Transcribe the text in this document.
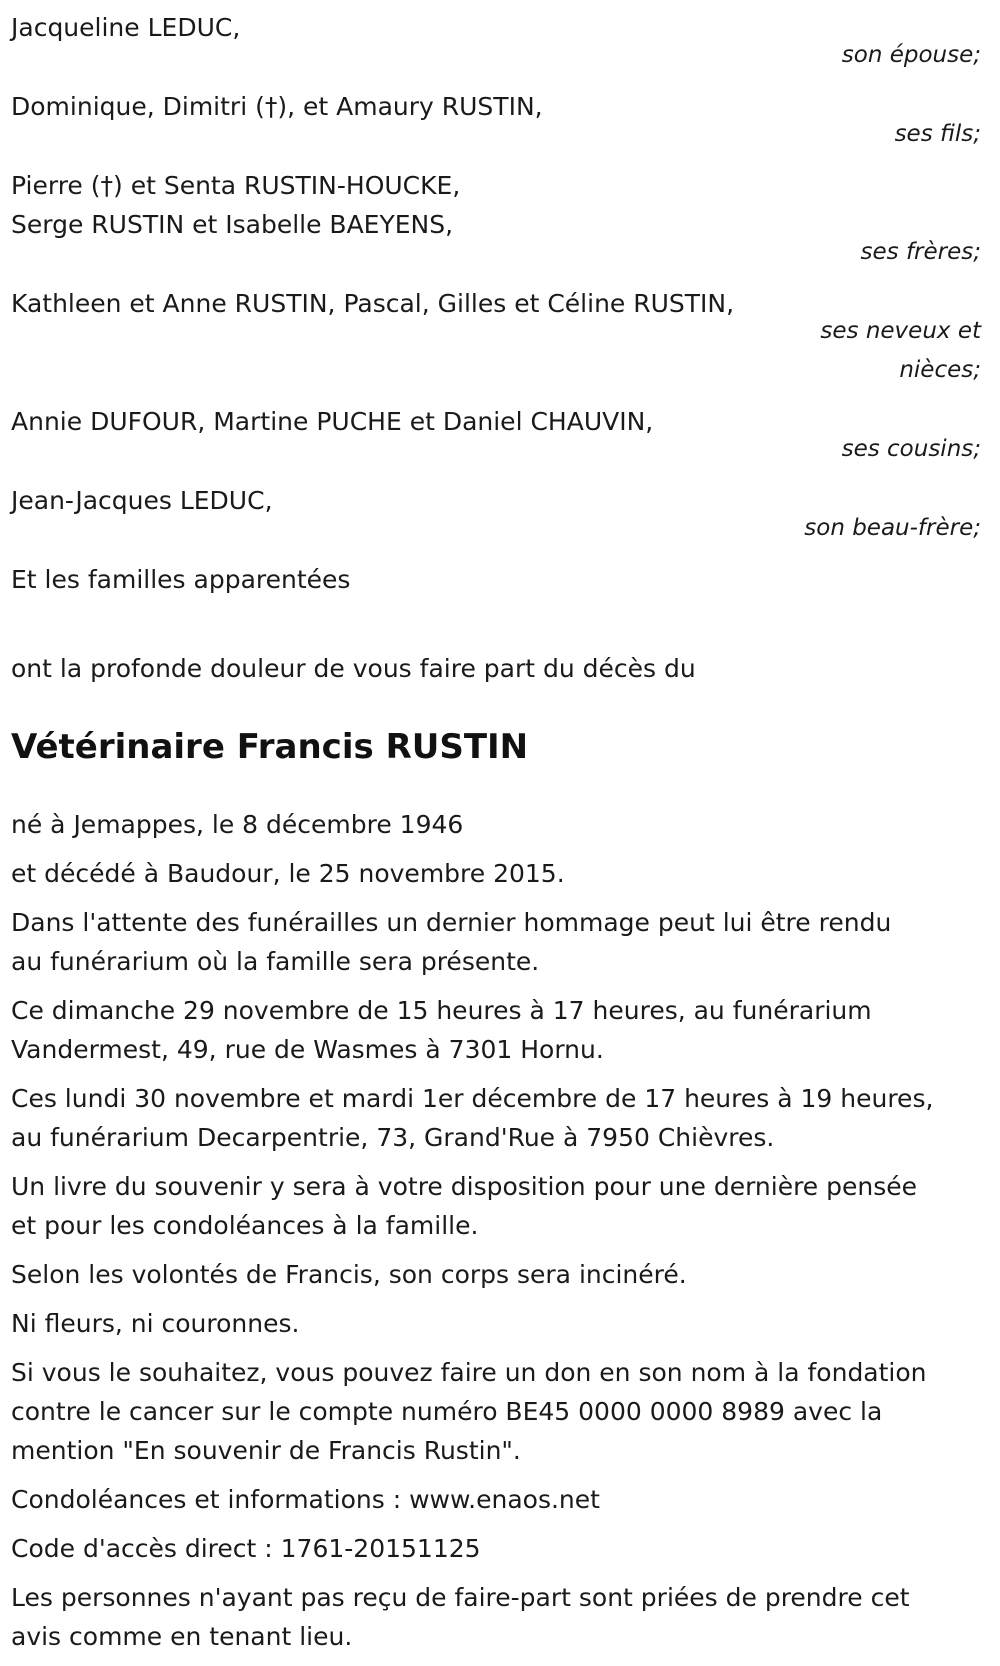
Jacqueline LEDUC,
son épouse;
Dominique, Dimitri (†), et Amaury RUSTIN,
ses fils;
Pierre (†) et Senta RUSTIN-HOUCKE,
Serge RUSTIN et Isabelle BAEYENS,
ses frères;
Kathleen et Anne RUSTIN, Pascal, Gilles et Céline RUSTIN,
ses neveux et
nièces;
Annie DUFOUR, Martine PUCHE et Daniel CHAUVIN,
ses cousins;
Jean-Jacques LEDUC,
son beau-frère;
Et les familles apparentées
ont la profonde douleur de vous faire part du décès du
Vétérinaire Francis RUSTIN
né à Jemappes, le 8 décembre 1946
et décédé à Baudour, le 25 novembre 2015.
Dans l'attente des funérailles un dernier hommage peut lui être rendu
au funérarium où la famille sera présente.
Ce dimanche 29 novembre de 15 heures à 17 heures, au funérarium
Vandermest, 49, rue de Wasmes à 7301 Hornu.
Ces lundi 30 novembre et mardi 1er décembre de 17 heures à 19 heures,
au funérarium Decarpentrie, 73, Grand'Rue à 7950 Chièvres.
Un livre du souvenir y sera à votre disposition pour une dernière pensée
et pour les condoléances à la famille.
Selon les volontés de Francis, son corps sera incinéré.
Ni fleurs, ni couronnes.
Si vous le souhaitez, vous pouvez faire un don en son nom à la fondation
contre le cancer sur le compte numéro BE45 0000 0000 8989 avec la
mention "En souvenir de Francis Rustin".
Condoléances et informations : www.enaos.net
Code d'accès direct : 1761-20151125
Les personnes n'ayant pas reçu de faire-part sont priées de prendre cet
avis comme en tenant lieu.
